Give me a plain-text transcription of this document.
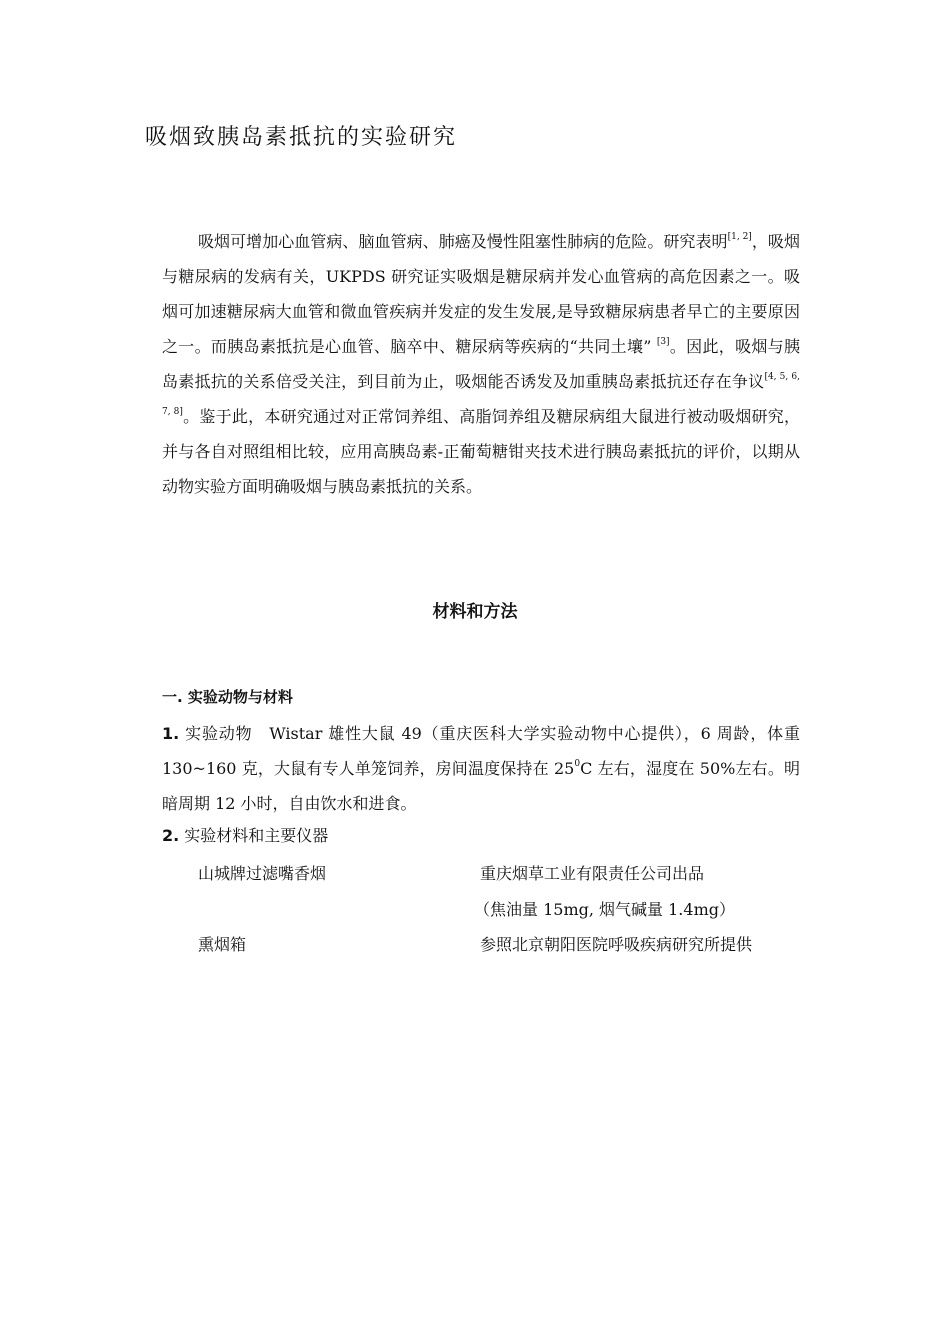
吸烟致胰岛素抵抗的实验研究

吸烟可增加心血管病、脑血管病、肺癌及慢性阻塞性肺病的危险。研究表明[1, 2]，吸烟与糖尿病的发病有关，UKPDS 研究证实吸烟是糖尿病并发心血管病的高危因素之一。吸烟可加速糖尿病大血管和微血管疾病并发症的发生发展,是导致糖尿病患者早亡的主要原因之一。而胰岛素抵抗是心血管、脑卒中、糖尿病等疾病的“共同土壤” [3]。因此，吸烟与胰岛素抵抗的关系倍受关注，到目前为止，吸烟能否诱发及加重胰岛素抵抗还存在争议[4, 5, 6, 7, 8]。鉴于此，本研究通过对正常饲养组、高脂饲养组及糖尿病组大鼠进行被动吸烟研究，并与各自对照组相比较，应用高胰岛素-正葡萄糖钳夹技术进行胰岛素抵抗的评价，以期从动物实验方面明确吸烟与胰岛素抵抗的关系。

材料和方法
一. 实验动物与材料

1. 实验动物　Wistar 雄性大鼠 49（重庆医科大学实验动物中心提供），6 周龄，体重 130~160 克，大鼠有专人单笼饲养，房间温度保持在 $25^0C$ 左右，湿度在 50%左右。明暗周期 12 小时，自由饮水和进食。

2. 实验材料和主要仪器
山城牌过滤嘴香烟	重庆烟草工业有限责任公司出品
（焦油量 15mg, 烟气碱量 1.4mg）
熏烟箱	参照北京朝阳医院呼吸疾病研究所提供
